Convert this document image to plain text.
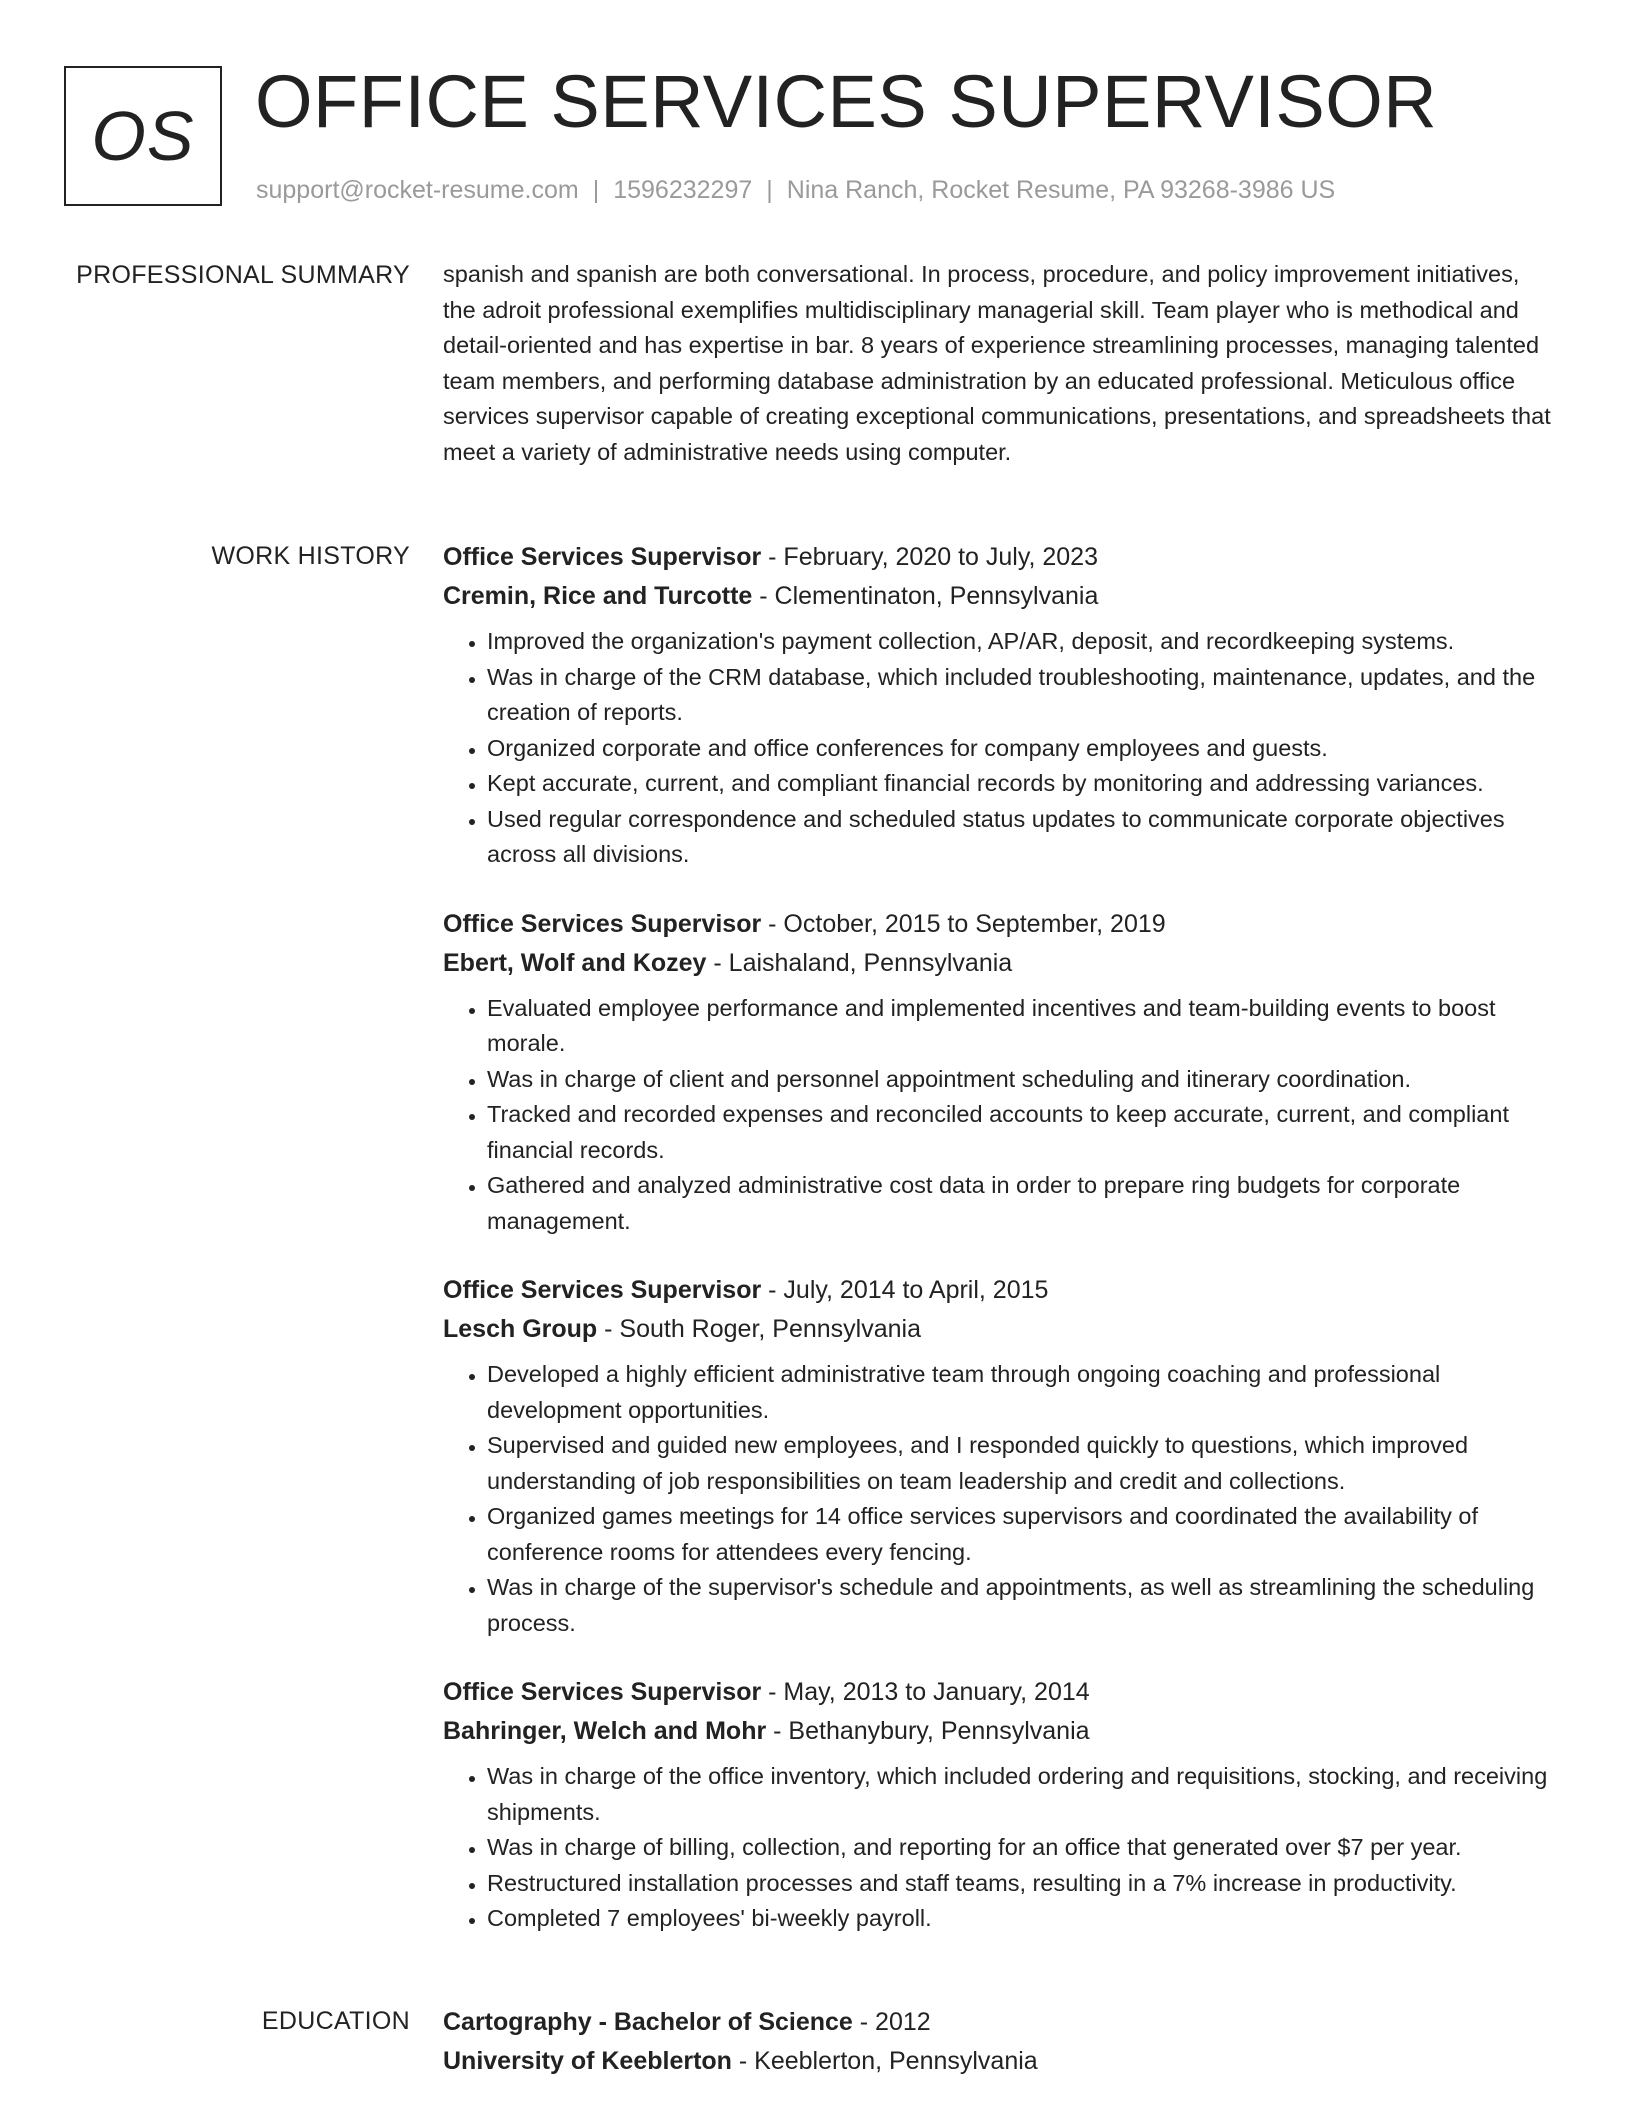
OS OFFICE SERVICES SUPERVISOR
support@rocket-resume.com | 1596232297 | Nina Ranch, Rocket Resume, PA 93268-3986 US
PROFESSIONAL SUMMARY spanish and spanish are both conversational. In process, procedure, and policy improvement initiatives, the adroit professional exemplifies multidisciplinary managerial skill. Team player who is methodical and detail-oriented and has expertise in bar. 8 years of experience streamlining processes, managing talented team members, and performing database administration by an educated professional. Meticulous office services supervisor capable of creating exceptional communications, presentations, and spreadsheets that meet a variety of administrative needs using computer.

WORK HISTORY Office Services Supervisor - February, 2020 to July, 2023
Cremin, Rice and Turcotte - Clementinaton, Pennsylvania
• Improved the organization's payment collection, AP/AR, deposit, and recordkeeping systems.
• Was in charge of the CRM database, which included troubleshooting, maintenance, updates, and the creation of reports.
• Organized corporate and office conferences for company employees and guests.
• Kept accurate, current, and compliant financial records by monitoring and addressing variances.
• Used regular correspondence and scheduled status updates to communicate corporate objectives across all divisions.
Office Services Supervisor - October, 2015 to September, 2019
Ebert, Wolf and Kozey - Laishaland, Pennsylvania
• Evaluated employee performance and implemented incentives and team-building events to boost morale.
• Was in charge of client and personnel appointment scheduling and itinerary coordination.
• Tracked and recorded expenses and reconciled accounts to keep accurate, current, and compliant financial records.
• Gathered and analyzed administrative cost data in order to prepare ring budgets for corporate management.
Office Services Supervisor - July, 2014 to April, 2015
Lesch Group - South Roger, Pennsylvania
• Developed a highly efficient administrative team through ongoing coaching and professional development opportunities.
• Supervised and guided new employees, and I responded quickly to questions, which improved understanding of job responsibilities on team leadership and credit and collections.
• Organized games meetings for 14 office services supervisors and coordinated the availability of conference rooms for attendees every fencing.
• Was in charge of the supervisor's schedule and appointments, as well as streamlining the scheduling process.
Office Services Supervisor - May, 2013 to January, 2014
Bahringer, Welch and Mohr - Bethanybury, Pennsylvania
• Was in charge of the office inventory, which included ordering and requisitions, stocking, and receiving shipments.
• Was in charge of billing, collection, and reporting for an office that generated over $7 per year.
• Restructured installation processes and staff teams, resulting in a 7% increase in productivity.
• Completed 7 employees' bi-weekly payroll.
EDUCATION Cartography - Bachelor of Science - 2012
University of Keeblerton - Keeblerton, Pennsylvania
